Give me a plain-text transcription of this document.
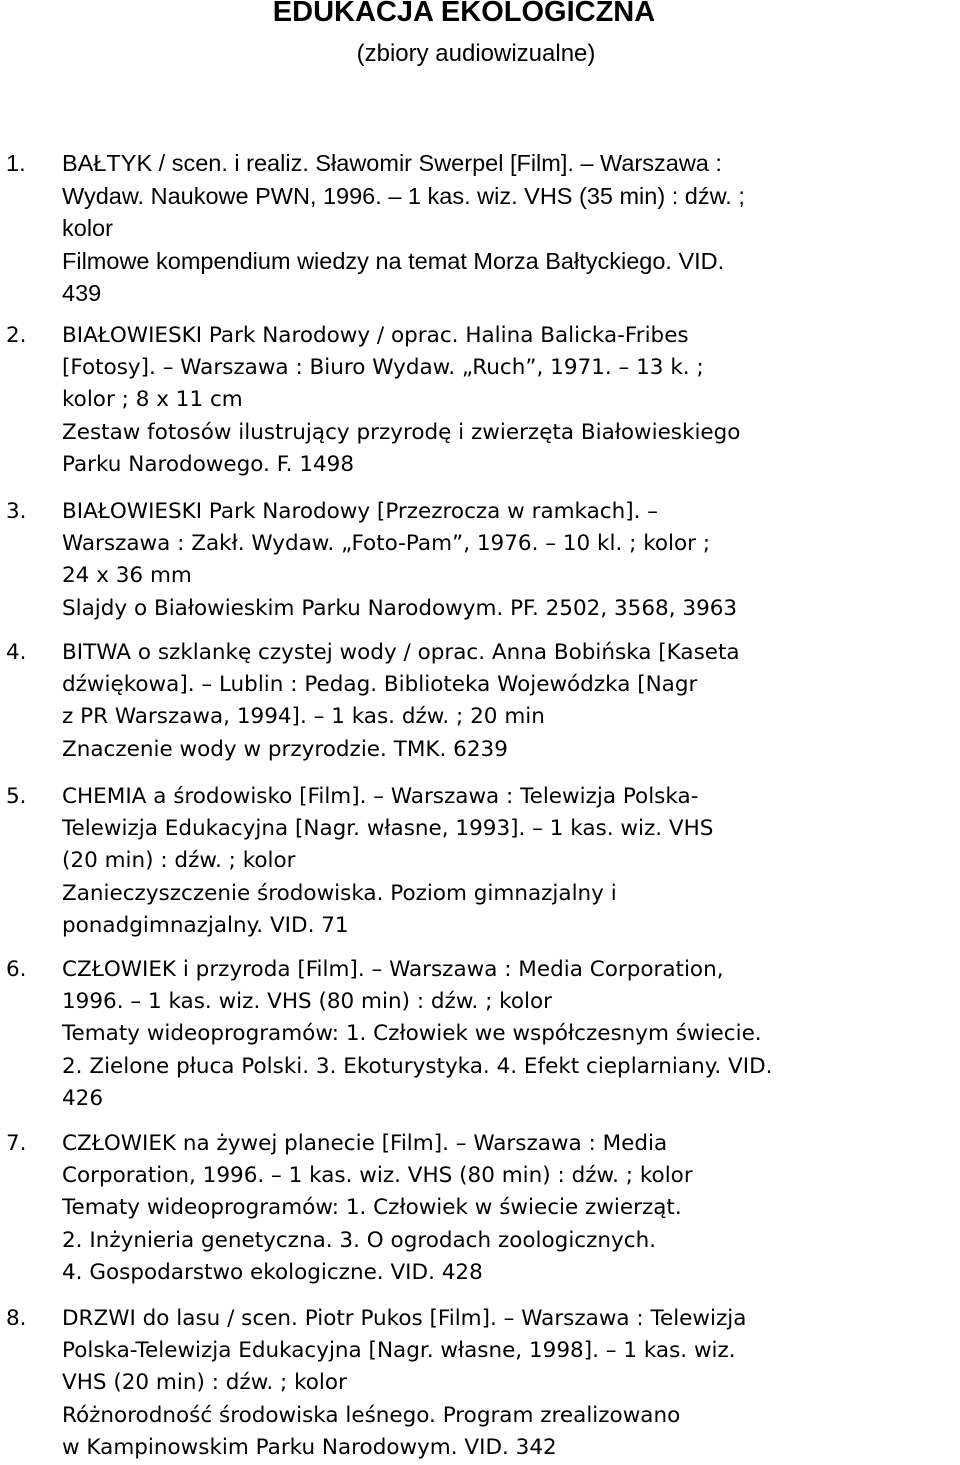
EDUKACJA EKOLOGICZNA

(zbiory audiowizualne)

1. BAŁTYK / scen. i realiz. Sławomir Swerpel [Film]. – Warszawa :
Wydaw. Naukowe PWN, 1996. – 1 kas. wiz. VHS (35 min) : dźw. ;
kolor
Filmowe kompendium wiedzy na temat Morza Bałtyckiego. VID.
439
2. BIAŁOWIESKI Park Narodowy / oprac. Halina Balicka-Fribes
[Fotosy]. – Warszawa : Biuro Wydaw. „Ruch”, 1971. – 13 k. ;
kolor ; 8 x 11 cm
Zestaw fotosów ilustrujący przyrodę i zwierzęta Białowieskiego
Parku Narodowego. F. 1498
3. BIAŁOWIESKI Park Narodowy [Przezrocza w ramkach]. –
Warszawa : Zakł. Wydaw. „Foto-Pam”, 1976. – 10 kl. ; kolor ;
24 x 36 mm
Slajdy o Białowieskim Parku Narodowym. PF. 2502, 3568, 3963
4. BITWA o szklankę czystej wody / oprac. Anna Bobińska [Kaseta
dźwiękowa]. – Lublin : Pedag. Biblioteka Wojewódzka [Nagr
z PR Warszawa, 1994]. – 1 kas. dźw. ; 20 min
Znaczenie wody w przyrodzie. TMK. 6239
5. CHEMIA a środowisko [Film]. – Warszawa : Telewizja Polska-
Telewizja Edukacyjna [Nagr. własne, 1993]. – 1 kas. wiz. VHS
(20 min) : dźw. ; kolor
Zanieczyszczenie środowiska. Poziom gimnazjalny i
ponadgimnazjalny. VID. 71
6. CZŁOWIEK i przyroda [Film]. – Warszawa : Media Corporation,
1996. – 1 kas. wiz. VHS (80 min) : dźw. ; kolor
Tematy wideoprogramów: 1. Człowiek we współczesnym świecie.
2. Zielone płuca Polski. 3. Ekoturystyka. 4. Efekt cieplarniany. VID.
426
7. CZŁOWIEK na żywej planecie [Film]. – Warszawa : Media
Corporation, 1996. – 1 kas. wiz. VHS (80 min) : dźw. ; kolor
Tematy wideoprogramów: 1. Człowiek w świecie zwierząt.
2. Inżynieria genetyczna. 3. O ogrodach zoologicznych.
4. Gospodarstwo ekologiczne. VID. 428
8. DRZWI do lasu / scen. Piotr Pukos [Film]. – Warszawa : Telewizja
Polska-Telewizja Edukacyjna [Nagr. własne, 1998]. – 1 kas. wiz.
VHS (20 min) : dźw. ; kolor
Różnorodność środowiska leśnego. Program zrealizowano
w Kampinowskim Parku Narodowym. VID. 342
